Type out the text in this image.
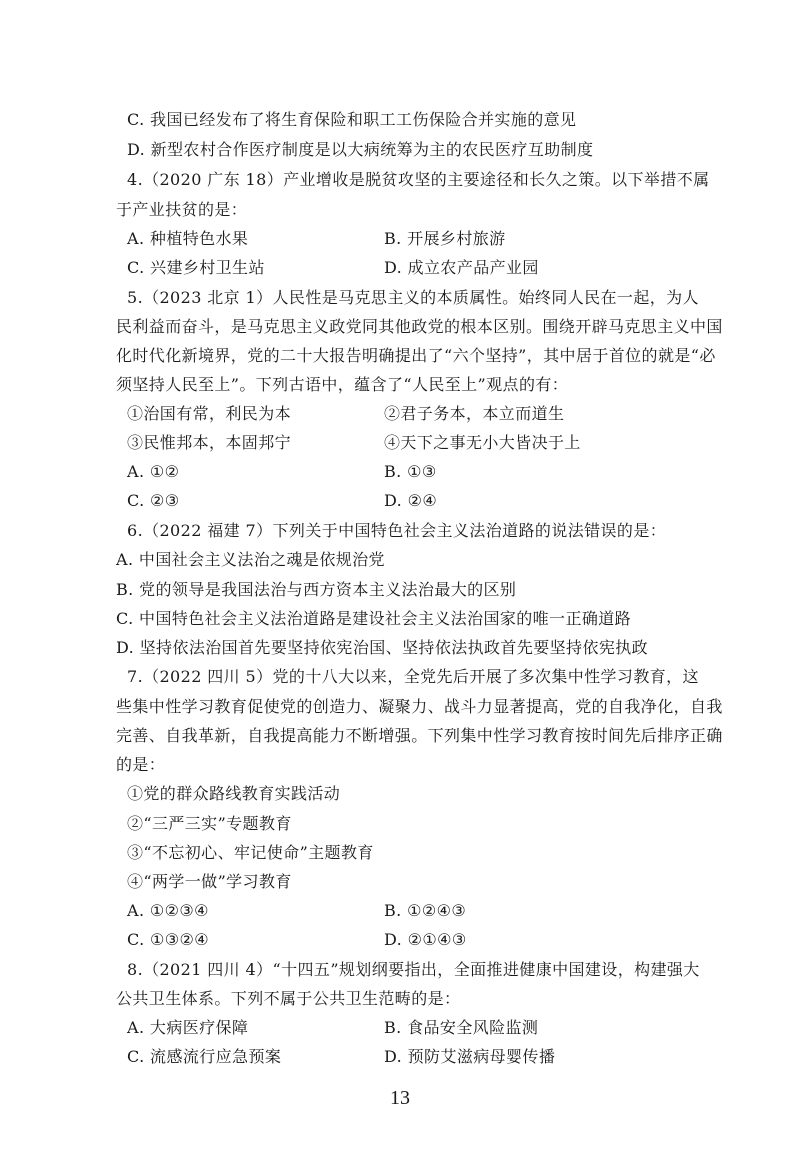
C. 我国已经发布了将生育保险和职工工伤保险合并实施的意见
D. 新型农村合作医疗制度是以大病统筹为主的农民医疗互助制度
4.（2020 广东 18）产业增收是脱贫攻坚的主要途径和长久之策。以下举措不属
于产业扶贫的是：
A. 种植特色水果	B. 开展乡村旅游
C. 兴建乡村卫生站	D. 成立农产品产业园
5.（2023 北京 1）人民性是马克思主义的本质属性。始终同人民在一起，为人
民利益而奋斗，是马克思主义政党同其他政党的根本区别。围绕开辟马克思主义中国
化时代化新境界，党的二十大报告明确提出了“六个坚持”，其中居于首位的就是“必
须坚持人民至上”。下列古语中，蕴含了“人民至上”观点的有：
①治国有常，利民为本	②君子务本，本立而道生
③民惟邦本，本固邦宁	④天下之事无小大皆决于上
A. ①②	B. ①③
C. ②③	D. ②④
6.（2022 福建 7）下列关于中国特色社会主义法治道路的说法错误的是：
A. 中国社会主义法治之魂是依规治党
B. 党的领导是我国法治与西方资本主义法治最大的区别
C. 中国特色社会主义法治道路是建设社会主义法治国家的唯一正确道路
D. 坚持依法治国首先要坚持依宪治国、坚持依法执政首先要坚持依宪执政
7.（2022 四川 5）党的十八大以来，全党先后开展了多次集中性学习教育，这
些集中性学习教育促使党的创造力、凝聚力、战斗力显著提高，党的自我净化，自我
完善、自我革新，自我提高能力不断增强。下列集中性学习教育按时间先后排序正确
的是：
①党的群众路线教育实践活动
②“三严三实”专题教育
③“不忘初心、牢记使命”主题教育
④“两学一做”学习教育
A. ①②③④	B. ①②④③
C. ①③②④	D. ②①④③
8.（2021 四川 4）“十四五”规划纲要指出，全面推进健康中国建设，构建强大
公共卫生体系。下列不属于公共卫生范畴的是：
A. 大病医疗保障	B. 食品安全风险监测
C. 流感流行应急预案	D. 预防艾滋病母婴传播
13
